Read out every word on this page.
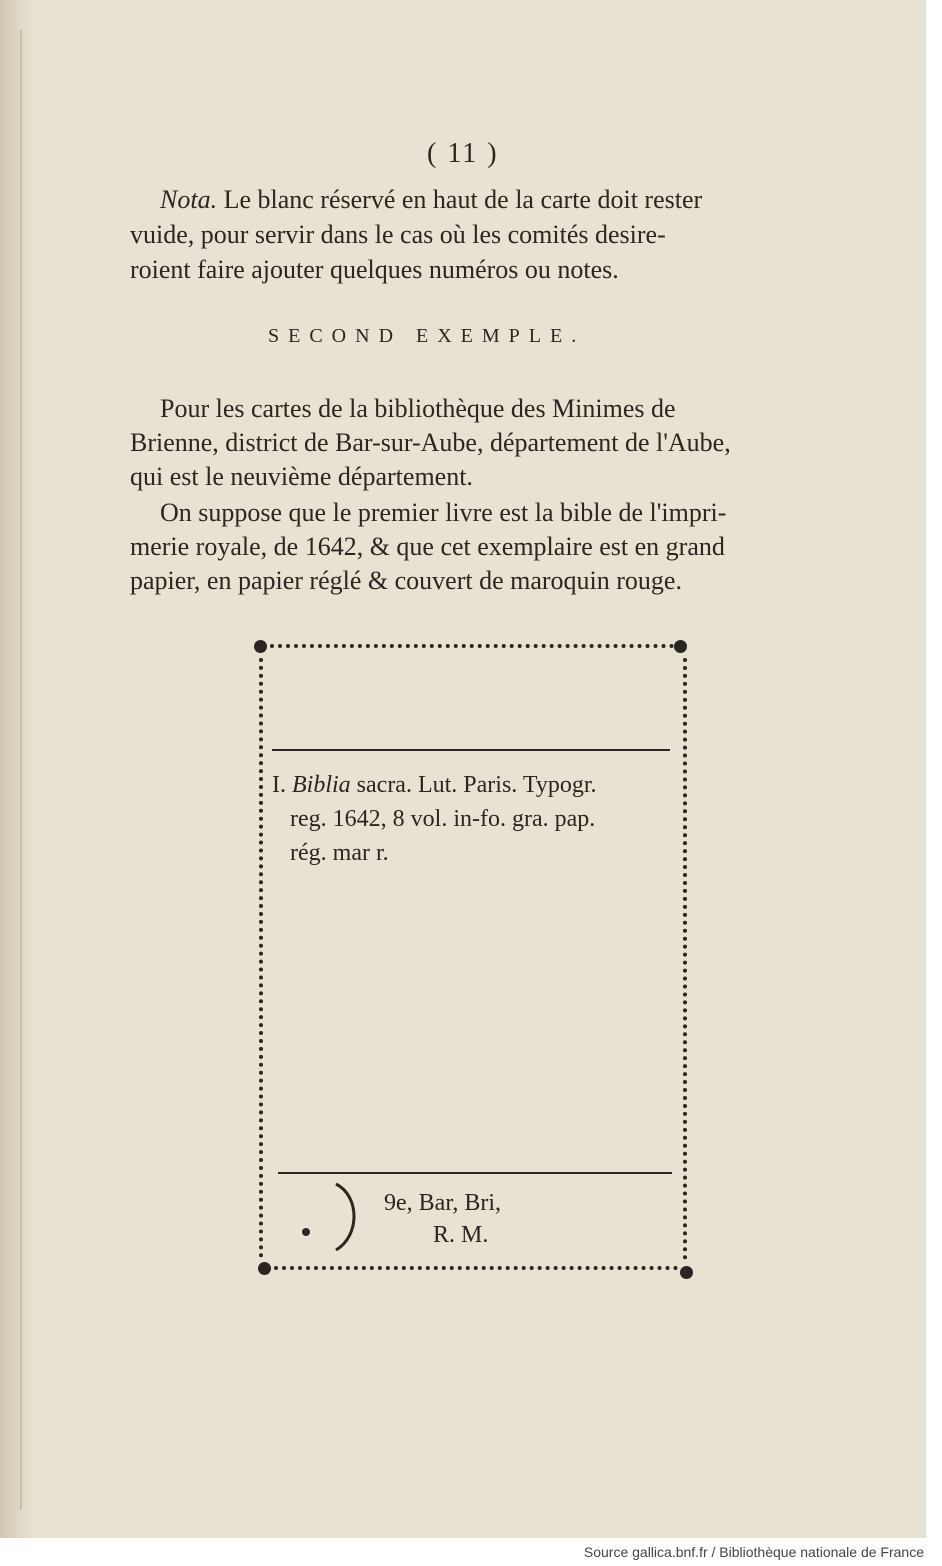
( 11 )
Nota. Le blanc réservé en haut de la carte doit rester
vuide, pour servir dans le cas où les comités desire-
roient faire ajouter quelques numéros ou notes.
SECOND EXEMPLE.
Pour les cartes de la bibliothèque des Minimes de
Brienne, district de Bar-sur-Aube, département de l'Aube,
qui est le neuvième département.
On suppose que le premier livre est la bible de l'impri-
merie royale, de 1642, & que cet exemplaire est en grand
papier, en papier réglé & couvert de maroquin rouge.
I. Biblia sacra. Lut. Paris. Typogr.
reg. 1642, 8 vol. in-fo. gra. pap.
rég. mar r.
9e, Bar, Bri,
R. M.
Source gallica.bnf.fr / Bibliothèque nationale de France
